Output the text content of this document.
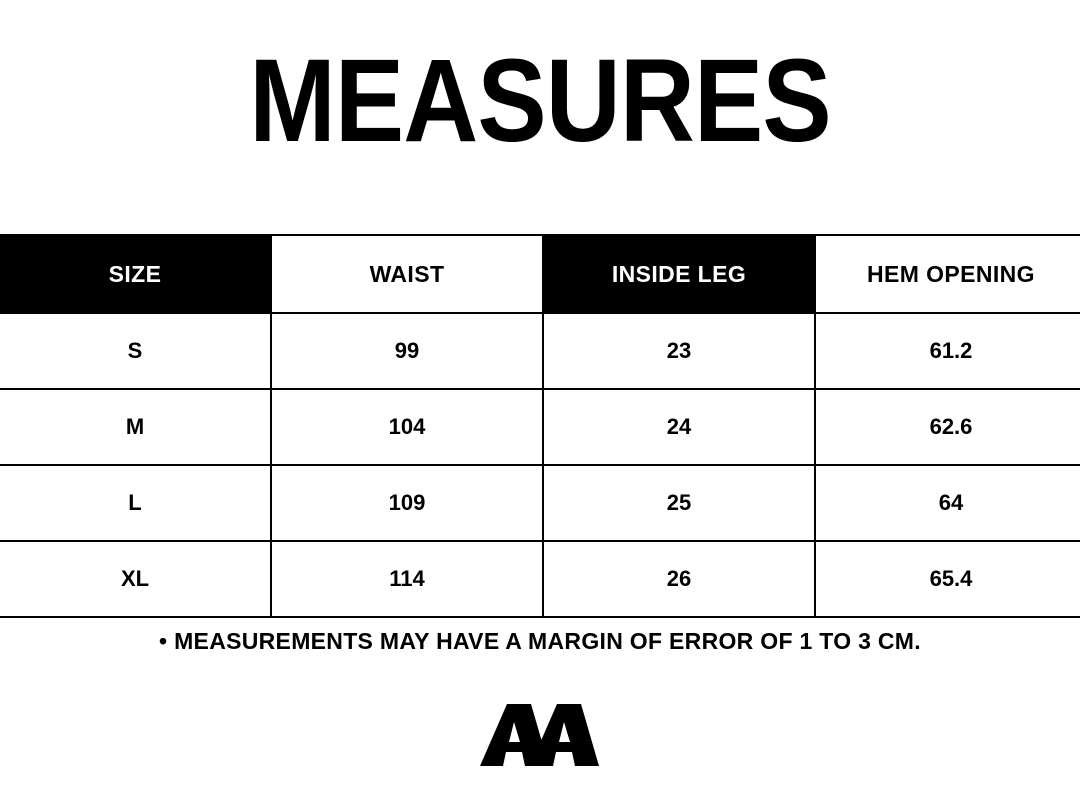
MEASURES
SIZE	WAIST	INSIDE LEG	HEM OPENING
S	99	23	61.2
M	104	24	62.6
L	109	25	64
XL	114	26	65.4
• MEASUREMENTS MAY HAVE A MARGIN OF ERROR OF 1 TO 3 CM.
